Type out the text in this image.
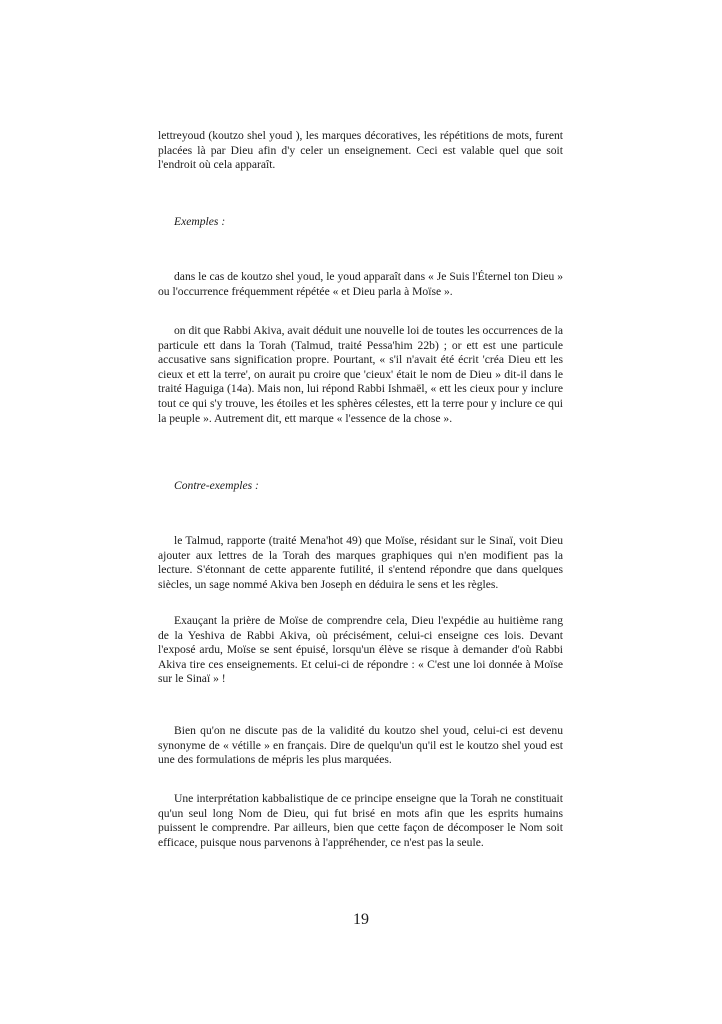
lettreyoud (koutzo shel youd ), les marques décoratives, les répétitions de mots, furent placées là par Dieu afin d'y celer un enseignement. Ceci est valable quel que soit l'endroit où cela apparaît.

Exemples :

dans le cas de koutzo shel youd, le youd apparaît dans « Je Suis l'Éternel ton Dieu » ou l'occurrence fréquemment répétée « et Dieu parla à Moïse ».

on dit que Rabbi Akiva, avait déduit une nouvelle loi de toutes les occurrences de la particule ett dans la Torah (Talmud, traité Pessa'him 22b) ; or ett est une particule accusative sans signification propre. Pourtant, « s'il n'avait été écrit 'créa Dieu ett les cieux et ett la terre', on aurait pu croire que 'cieux' était le nom de Dieu » dit-il dans le traité Haguiga (14a). Mais non, lui répond Rabbi Ishmaël, « ett les cieux pour y inclure tout ce qui s'y trouve, les étoiles et les sphères célestes, ett la terre pour y inclure ce qui la peuple ». Autrement dit, ett marque « l'essence de la chose ».

Contre-exemples :

le Talmud, rapporte (traité Mena'hot 49) que Moïse, résidant sur le Sinaï, voit Dieu ajouter aux lettres de la Torah des marques graphiques qui n'en modifient pas la lecture. S'étonnant de cette apparente futilité, il s'entend répondre que dans quelques siècles, un sage nommé Akiva ben Joseph en déduira le sens et les règles.

Exauçant la prière de Moïse de comprendre cela, Dieu l'expédie au huitième rang de la Yeshiva de Rabbi Akiva, où précisément, celui-ci enseigne ces lois. Devant l'exposé ardu, Moïse se sent épuisé, lorsqu'un élève se risque à demander d'où Rabbi Akiva tire ces enseignements. Et celui-ci de répondre : « C'est une loi donnée à Moïse sur le Sinaï » !

Bien qu'on ne discute pas de la validité du koutzo shel youd, celui-ci est devenu synonyme de « vétille » en français. Dire de quelqu'un qu'il est le koutzo shel youd est une des formulations de mépris les plus marquées.

Une interprétation kabbalistique de ce principe enseigne que la Torah ne constituait qu'un seul long Nom de Dieu, qui fut brisé en mots afin que les esprits humains puissent le comprendre. Par ailleurs, bien que cette façon de décomposer le Nom soit efficace, puisque nous parvenons à l'appréhender, ce n'est pas la seule.

19
